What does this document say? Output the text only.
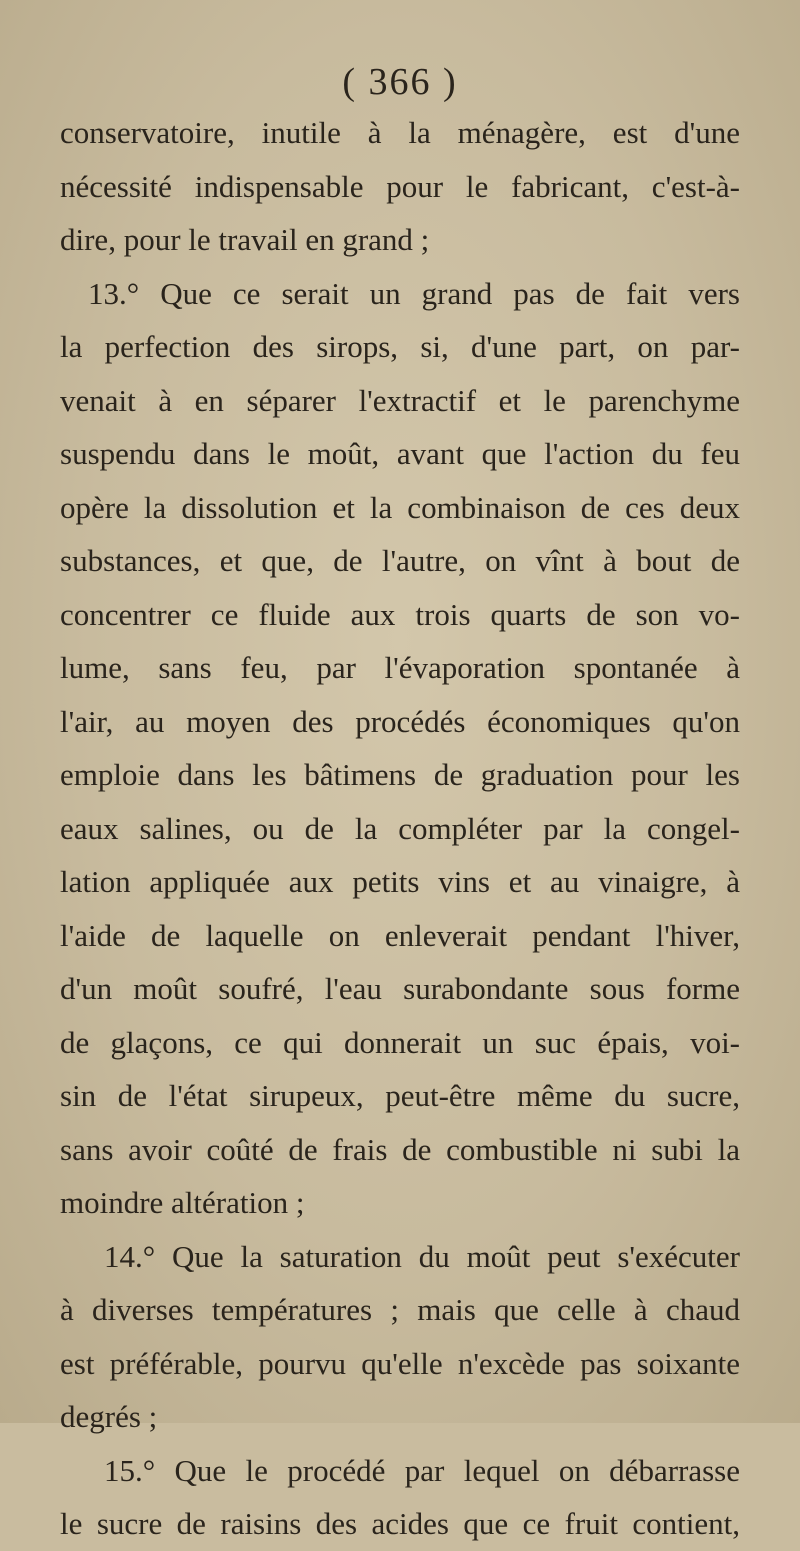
( 366 )
conservatoire, inutile à la ménagère, est d'une
nécessité indispensable pour le fabricant, c'est-à-
dire, pour le travail en grand ;
13.° Que ce serait un grand pas de fait vers
la perfection des sirops, si, d'une part, on par-
venait à en séparer l'extractif et le parenchyme
suspendu dans le moût, avant que l'action du feu
opère la dissolution et la combinaison de ces deux
substances, et que, de l'autre, on vînt à bout de
concentrer ce fluide aux trois quarts de son vo-
lume, sans feu, par l'évaporation spontanée à
l'air, au moyen des procédés économiques qu'on
emploie dans les bâtimens de graduation pour les
eaux salines, ou de la compléter par la congel-
lation appliquée aux petits vins et au vinaigre, à
l'aide de laquelle on enleverait pendant l'hiver,
d'un moût soufré, l'eau surabondante sous forme
de glaçons, ce qui donnerait un suc épais, voi-
sin de l'état sirupeux, peut-être même du sucre,
sans avoir coûté de frais de combustible ni subi la
moindre altération ;
14.° Que la saturation du moût peut s'exécuter
à diverses températures ; mais que celle à chaud
est préférable, pourvu qu'elle n'excède pas soixante
degrés ;
15.° Que le procédé par lequel on débarrasse
le sucre de raisins des acides que ce fruit contient,
